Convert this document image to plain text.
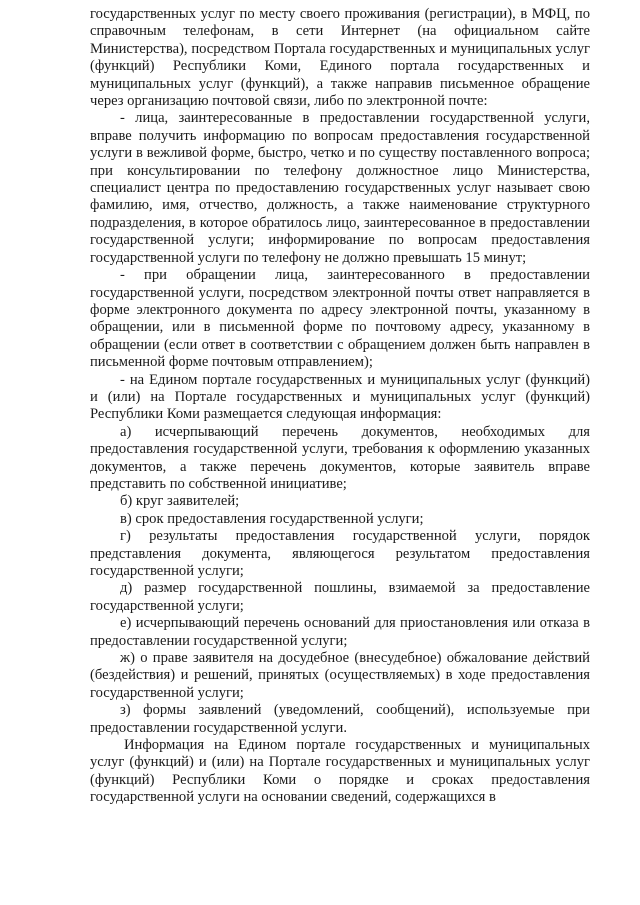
государственных услуг по месту своего проживания (регистрации), в МФЦ, по справочным телефонам, в сети Интернет (на официальном сайте Министерства), посредством Портала государственных и муниципальных услуг (функций) Республики Коми, Единого портала государственных и муниципальных услуг (функций), а также направив письменное обращение через организацию почтовой связи, либо по электронной почте:

- лица, заинтересованные в предоставлении государственной услуги, вправе получить информацию по вопросам предоставления государственной услуги в вежливой форме, быстро, четко и по существу поставленного вопроса; при консультировании по телефону должностное лицо Министерства, специалист центра по предоставлению государственных услуг называет свою фамилию, имя, отчество, должность, а также наименование структурного подразделения, в которое обратилось лицо, заинтересованное в предоставлении государственной услуги; информирование по вопросам предоставления государственной услуги по телефону не должно превышать 15 минут;

- при обращении лица, заинтересованного в предоставлении государственной услуги, посредством электронной почты ответ направляется в форме электронного документа по адресу электронной почты, указанному в обращении, или в письменной форме по почтовому адресу, указанному в обращении (если ответ в соответствии с обращением должен быть направлен в письменной форме почтовым отправлением);

- на Едином портале государственных и муниципальных услуг (функций) и (или) на Портале государственных и муниципальных услуг (функций) Республики Коми размещается следующая информация:

а) исчерпывающий перечень документов, необходимых для предоставления государственной услуги, требования к оформлению указанных документов, а также перечень документов, которые заявитель вправе представить по собственной инициативе;

б) круг заявителей;

в) срок предоставления государственной услуги;

г) результаты предоставления государственной услуги, порядок представления документа, являющегося результатом предоставления государственной услуги;

д) размер государственной пошлины, взимаемой за предоставление государственной услуги;

е) исчерпывающий перечень оснований для приостановления или отказа в предоставлении государственной услуги;

ж) о праве заявителя на досудебное (внесудебное) обжалование действий (бездействия) и решений, принятых (осуществляемых) в ходе предоставления государственной услуги;

з) формы заявлений (уведомлений, сообщений), используемые при предоставлении государственной услуги.

Информация на Едином портале государственных и муниципальных услуг (функций) и (или) на Портале государственных и муниципальных услуг (функций) Республики Коми о порядке и сроках предоставления государственной услуги на основании сведений, содержащихся в
